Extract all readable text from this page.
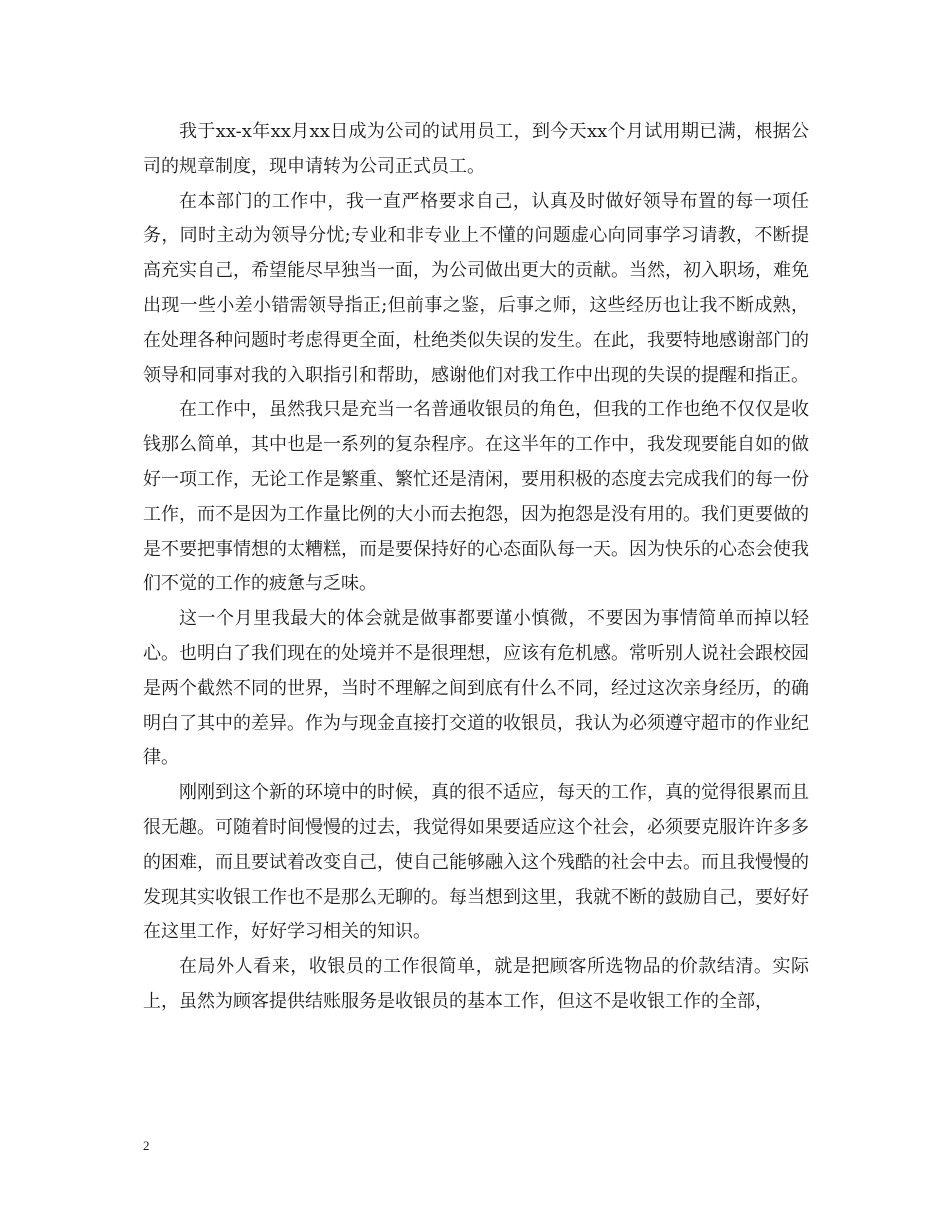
我于xx-x年xx月xx日成为公司的试用员工，到今天xx个月试用期已满，根据公司的规章制度，现申请转为公司正式员工。

在本部门的工作中，我一直严格要求自己，认真及时做好领导布置的每一项任务，同时主动为领导分忧;专业和非专业上不懂的问题虚心向同事学习请教，不断提高充实自己，希望能尽早独当一面，为公司做出更大的贡献。当然，初入职场，难免出现一些小差小错需领导指正;但前事之鉴，后事之师，这些经历也让我不断成熟，在处理各种问题时考虑得更全面，杜绝类似失误的发生。在此，我要特地感谢部门的领导和同事对我的入职指引和帮助，感谢他们对我工作中出现的失误的提醒和指正。

在工作中，虽然我只是充当一名普通收银员的角色，但我的工作也绝不仅仅是收钱那么简单，其中也是一系列的复杂程序。在这半年的工作中，我发现要能自如的做好一项工作，无论工作是繁重、繁忙还是清闲，要用积极的态度去完成我们的每一份工作，而不是因为工作量比例的大小而去抱怨，因为抱怨是没有用的。我们更要做的是不要把事情想的太糟糕，而是要保持好的心态面队每一天。因为快乐的心态会使我们不觉的工作的疲惫与乏味。

这一个月里我最大的体会就是做事都要谨小慎微，不要因为事情简单而掉以轻心。也明白了我们现在的处境并不是很理想，应该有危机感。常听别人说社会跟校园是两个截然不同的世界，当时不理解之间到底有什么不同，经过这次亲身经历，的确明白了其中的差异。作为与现金直接打交道的收银员，我认为必须遵守超市的作业纪律。

刚刚到这个新的环境中的时候，真的很不适应，每天的工作，真的觉得很累而且很无趣。可随着时间慢慢的过去，我觉得如果要适应这个社会，必须要克服许许多多的困难，而且要试着改变自己，使自己能够融入这个残酷的社会中去。而且我慢慢的发现其实收银工作也不是那么无聊的。每当想到这里，我就不断的鼓励自己，要好好在这里工作，好好学习相关的知识。

在局外人看来，收银员的工作很简单，就是把顾客所选物品的价款结清。实际上，虽然为顾客提供结账服务是收银员的基本工作，但这不是收银工作的全部，

2
